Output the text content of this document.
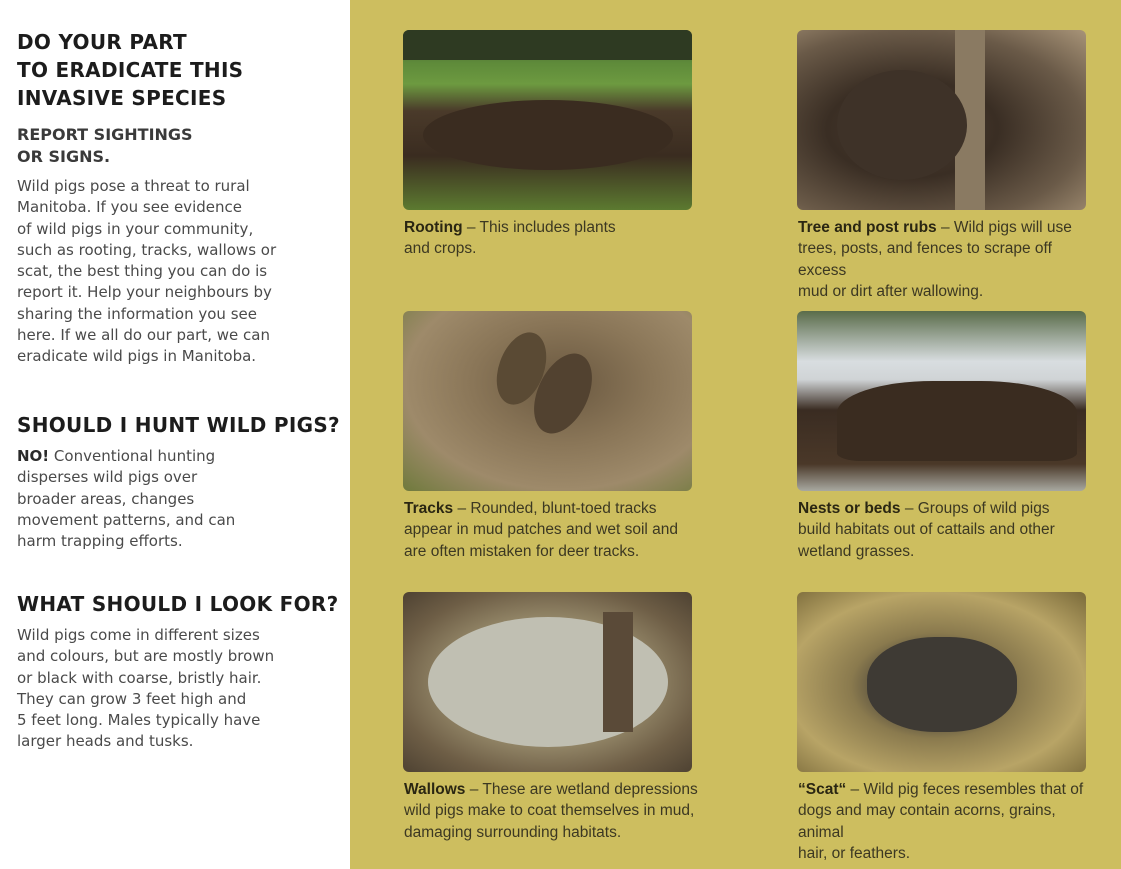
DO YOUR PART
TO ERADICATE THIS
INVASIVE SPECIES
REPORT SIGHTINGS
OR SIGNS.

Wild pigs pose a threat to rural
Manitoba. If you see evidence
of wild pigs in your community,
such as rooting, tracks, wallows or
scat, the best thing you can do is
report it. Help your neighbours by
sharing the information you see
here. If we all do our part, we can
eradicate wild pigs in Manitoba.

SHOULD I HUNT WILD PIGS?

NO! Conventional hunting
disperses wild pigs over
broader areas, changes
movement patterns, and can
harm trapping efforts.

WHAT SHOULD I LOOK FOR?

Wild pigs come in different sizes
and colours, but are mostly brown
or black with coarse, bristly hair.
They can grow 3 feet high and
5 feet long. Males typically have
larger heads and tusks.

Rooting – This includes plants
and crops.

Tree and post rubs – Wild pigs will use
trees, posts, and fences to scrape off excess
mud or dirt after wallowing.

Tracks – Rounded, blunt-toed tracks
appear in mud patches and wet soil and
are often mistaken for deer tracks.

Nests or beds – Groups of wild pigs
build habitats out of cattails and other
wetland grasses.

Wallows – These are wetland depressions
wild pigs make to coat themselves in mud,
damaging surrounding habitats.

“Scat“ – Wild pig feces resembles that of
dogs and may contain acorns, grains, animal
hair, or feathers.
